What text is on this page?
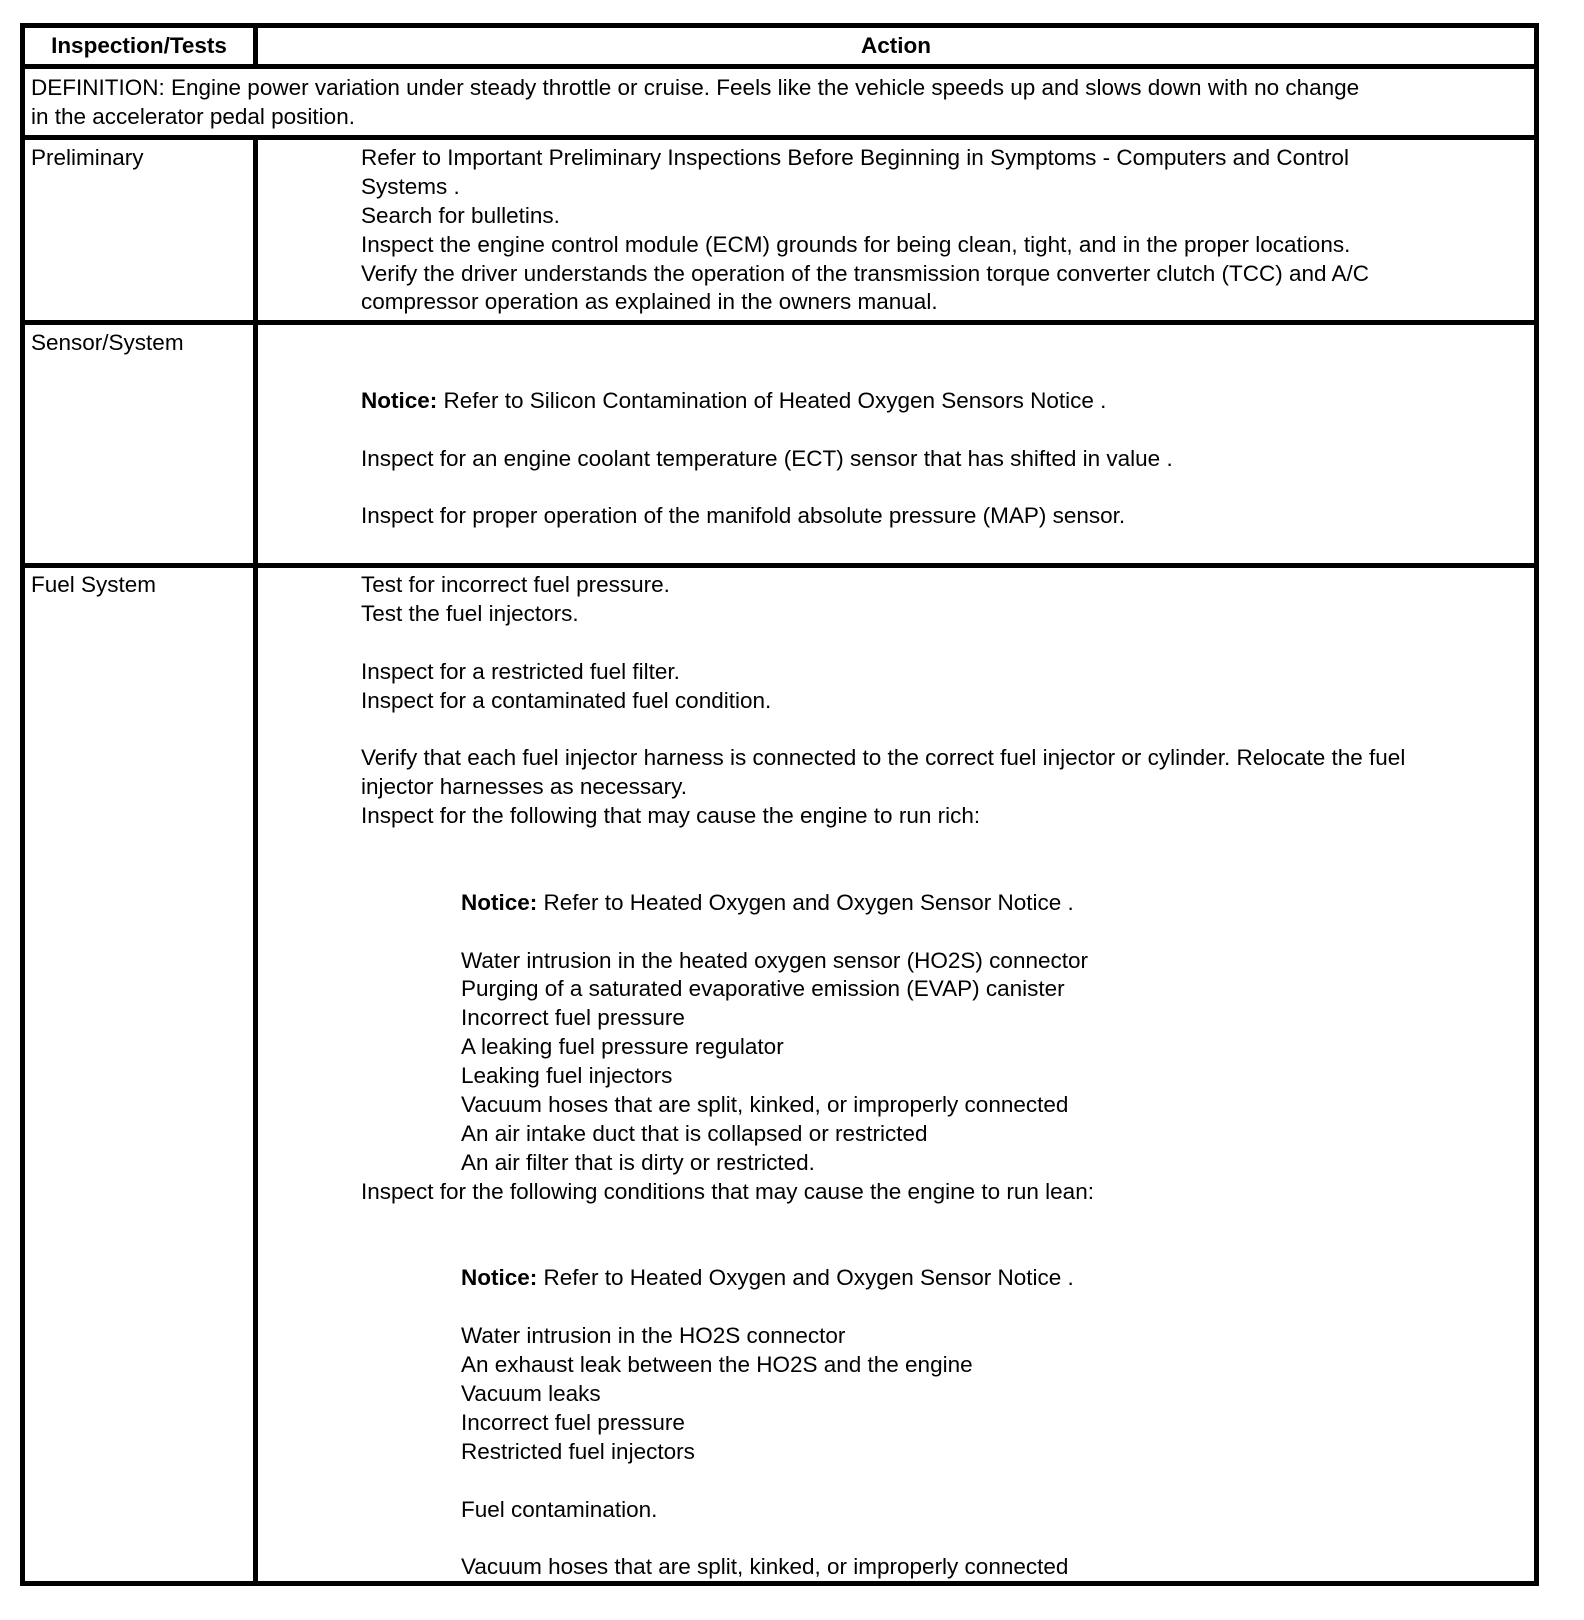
Inspection/Tests	Action
DEFINITION: Engine power variation under steady throttle or cruise. Feels like the vehicle speeds up and slows down with no change
in the accelerator pedal position.
Preliminary
Sensor/System
Fuel System
Refer to Important Preliminary Inspections Before Beginning in Symptoms - Computers and Control
Systems .
Search for bulletins.
Inspect the engine control module (ECM) grounds for being clean, tight, and in the proper locations.
Verify the driver understands the operation of the transmission torque converter clutch (TCC) and A/C
compressor operation as explained in the owners manual.
Notice: Refer to Silicon Contamination of Heated Oxygen Sensors Notice .
Inspect for an engine coolant temperature (ECT) sensor that has shifted in value .
Inspect for proper operation of the manifold absolute pressure (MAP) sensor.
Test for incorrect fuel pressure.
Test the fuel injectors.
Inspect for a restricted fuel filter.
Inspect for a contaminated fuel condition.
Verify that each fuel injector harness is connected to the correct fuel injector or cylinder. Relocate the fuel
injector harnesses as necessary.
Inspect for the following that may cause the engine to run rich:
Notice: Refer to Heated Oxygen and Oxygen Sensor Notice .
Water intrusion in the heated oxygen sensor (HO2S) connector
Purging of a saturated evaporative emission (EVAP) canister
Incorrect fuel pressure
A leaking fuel pressure regulator
Leaking fuel injectors
Vacuum hoses that are split, kinked, or improperly connected
An air intake duct that is collapsed or restricted
An air filter that is dirty or restricted.
Inspect for the following conditions that may cause the engine to run lean:
Notice: Refer to Heated Oxygen and Oxygen Sensor Notice .
Water intrusion in the HO2S connector
An exhaust leak between the HO2S and the engine
Vacuum leaks
Incorrect fuel pressure
Restricted fuel injectors
Fuel contamination.
Vacuum hoses that are split, kinked, or improperly connected
